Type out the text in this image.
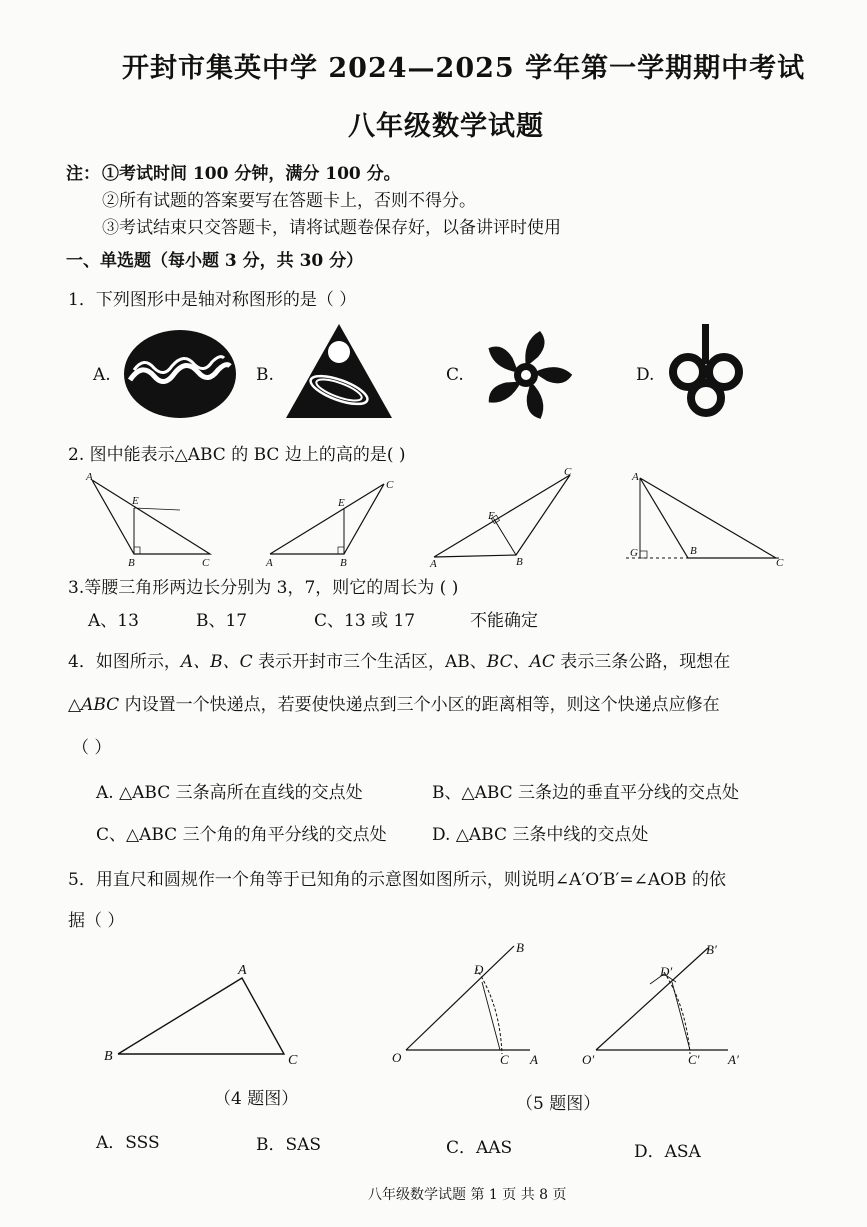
开封市集英中学 2024—2025 学年第一学期期中考试
八年级数学试题
注： ①考试时间 100 分钟，满分 100 分。
②所有试题的答案要写在答题卡上，否则不得分。
③考试结束只交答题卡，请将试题卷保存好，以备讲评时使用
一、单选题（每小题 3 分，共 30 分）
1．下列图形中是轴对称图形的是（ ）
A.	B.	C.	D.
2. 图中能表示△ABC 的 BC 边上的高的是( )
A
E
B	C
E
C
A	B
C
E
A	B
A
G	B
C
3.等腰三角形两边长分别为 3，7，则它的周长为 ( )
A、13	B、17	C、13 或 17	不能确定
4．如图所示，A、B、C 表示开封市三个生活区，AB、BC、AC 表示三条公路，现想在
△ABC 内设置一个快递点，若要使快递点到三个小区的距离相等，则这个快递点应修在
（ ）
A. △ABC 三条高所在直线的交点处	B、△ABC 三条边的垂直平分线的交点处
C、△ABC 三个角的角平分线的交点处	D. △ABC 三条中线的交点处
5．用直尺和圆规作一个角等于已知角的示意图如图所示，则说明∠A′O′B′=∠AOB 的依
据（ ）
A
B	C
（4 题图）
D
B
O	C A
D′
B′
O′	C′ A′
（5 题图）
A．SSS	B．SAS	C．AAS	D．ASA
八年级数学试题 第 1 页 共 8 页
